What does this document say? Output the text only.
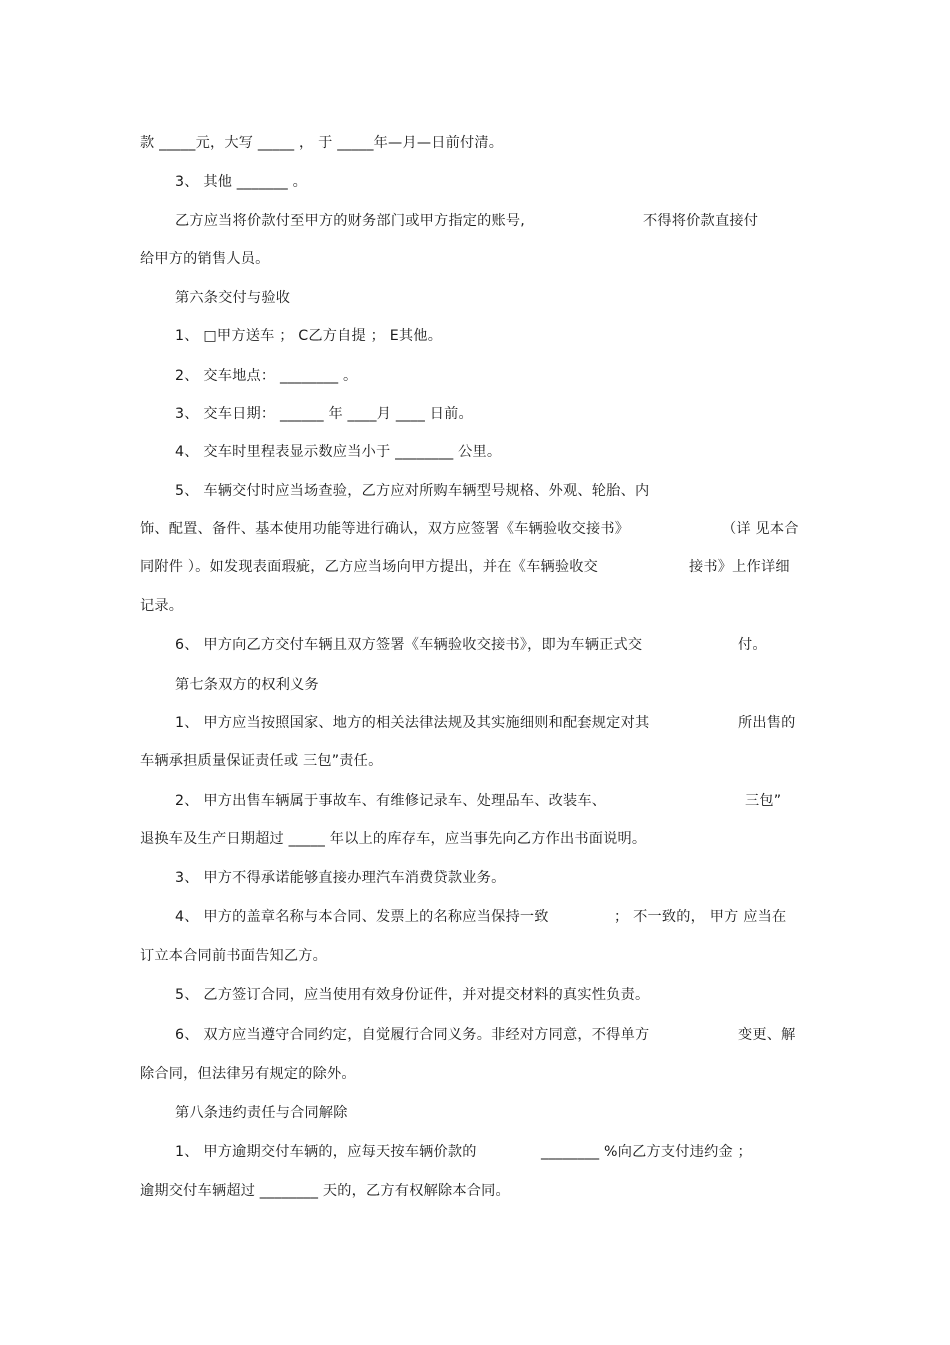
款 _____元，大写 _____ ， 于 _____年—月—日前付清。
3、 其他 _______ 。
乙方应当将价款付至甲方的财务部门或甲方指定的账号,	不得将价款直接付
给甲方的销售人员。
第六条交付与验收
1、 □甲方送车 ； C乙方自提 ； E其他。
2、 交车地点： ________ 。
3、 交车日期： ______ 年 ____月 ____ 日前。
4、 交车时里程表显示数应当小于 ________ 公里。
5、 车辆交付时应当场查验，乙方应对所购车辆型号规格、外观、轮胎、内
饰、配置、备件、基本使用功能等进行确认，双方应签署《车辆验收交接书》	（详 见本合
同附件 ）。如发现表面瑕疵，乙方应当场向甲方提出，并在《车辆验收交	接书》上作详细
记录。
6、 甲方向乙方交付车辆且双方签署《车辆验收交接书》，即为车辆正式交	付。
第七条双方的权利义务
1、 甲方应当按照国家、地方的相关法律法规及其实施细则和配套规定对其	所出售的
车辆承担质量保证责任或 三包”责任。
2、 甲方出售车辆属于事故车、有维修记录车、处理品车、改装车、	三包”
退换车及生产日期超过 _____ 年以上的库存车，应当事先向乙方作出书面说明。
3、 甲方不得承诺能够直接办理汽车消费贷款业务。
4、 甲方的盖章名称与本合同、发票上的名称应当保持一致	； 不一致的， 甲方 应当在
订立本合同前书面告知乙方。
5、 乙方签订合同，应当使用有效身份证件，并对提交材料的真实性负责。
6、 双方应当遵守合同约定，自觉履行合同义务。非经对方同意，不得单方	变更、解
除合同，但法律另有规定的除外。
第八条违约责任与合同解除
1、 甲方逾期交付车辆的，应每天按车辆价款的	________ %向乙方支付违约金 ；
逾期交付车辆超过 ________ 天的，乙方有权解除本合同。
